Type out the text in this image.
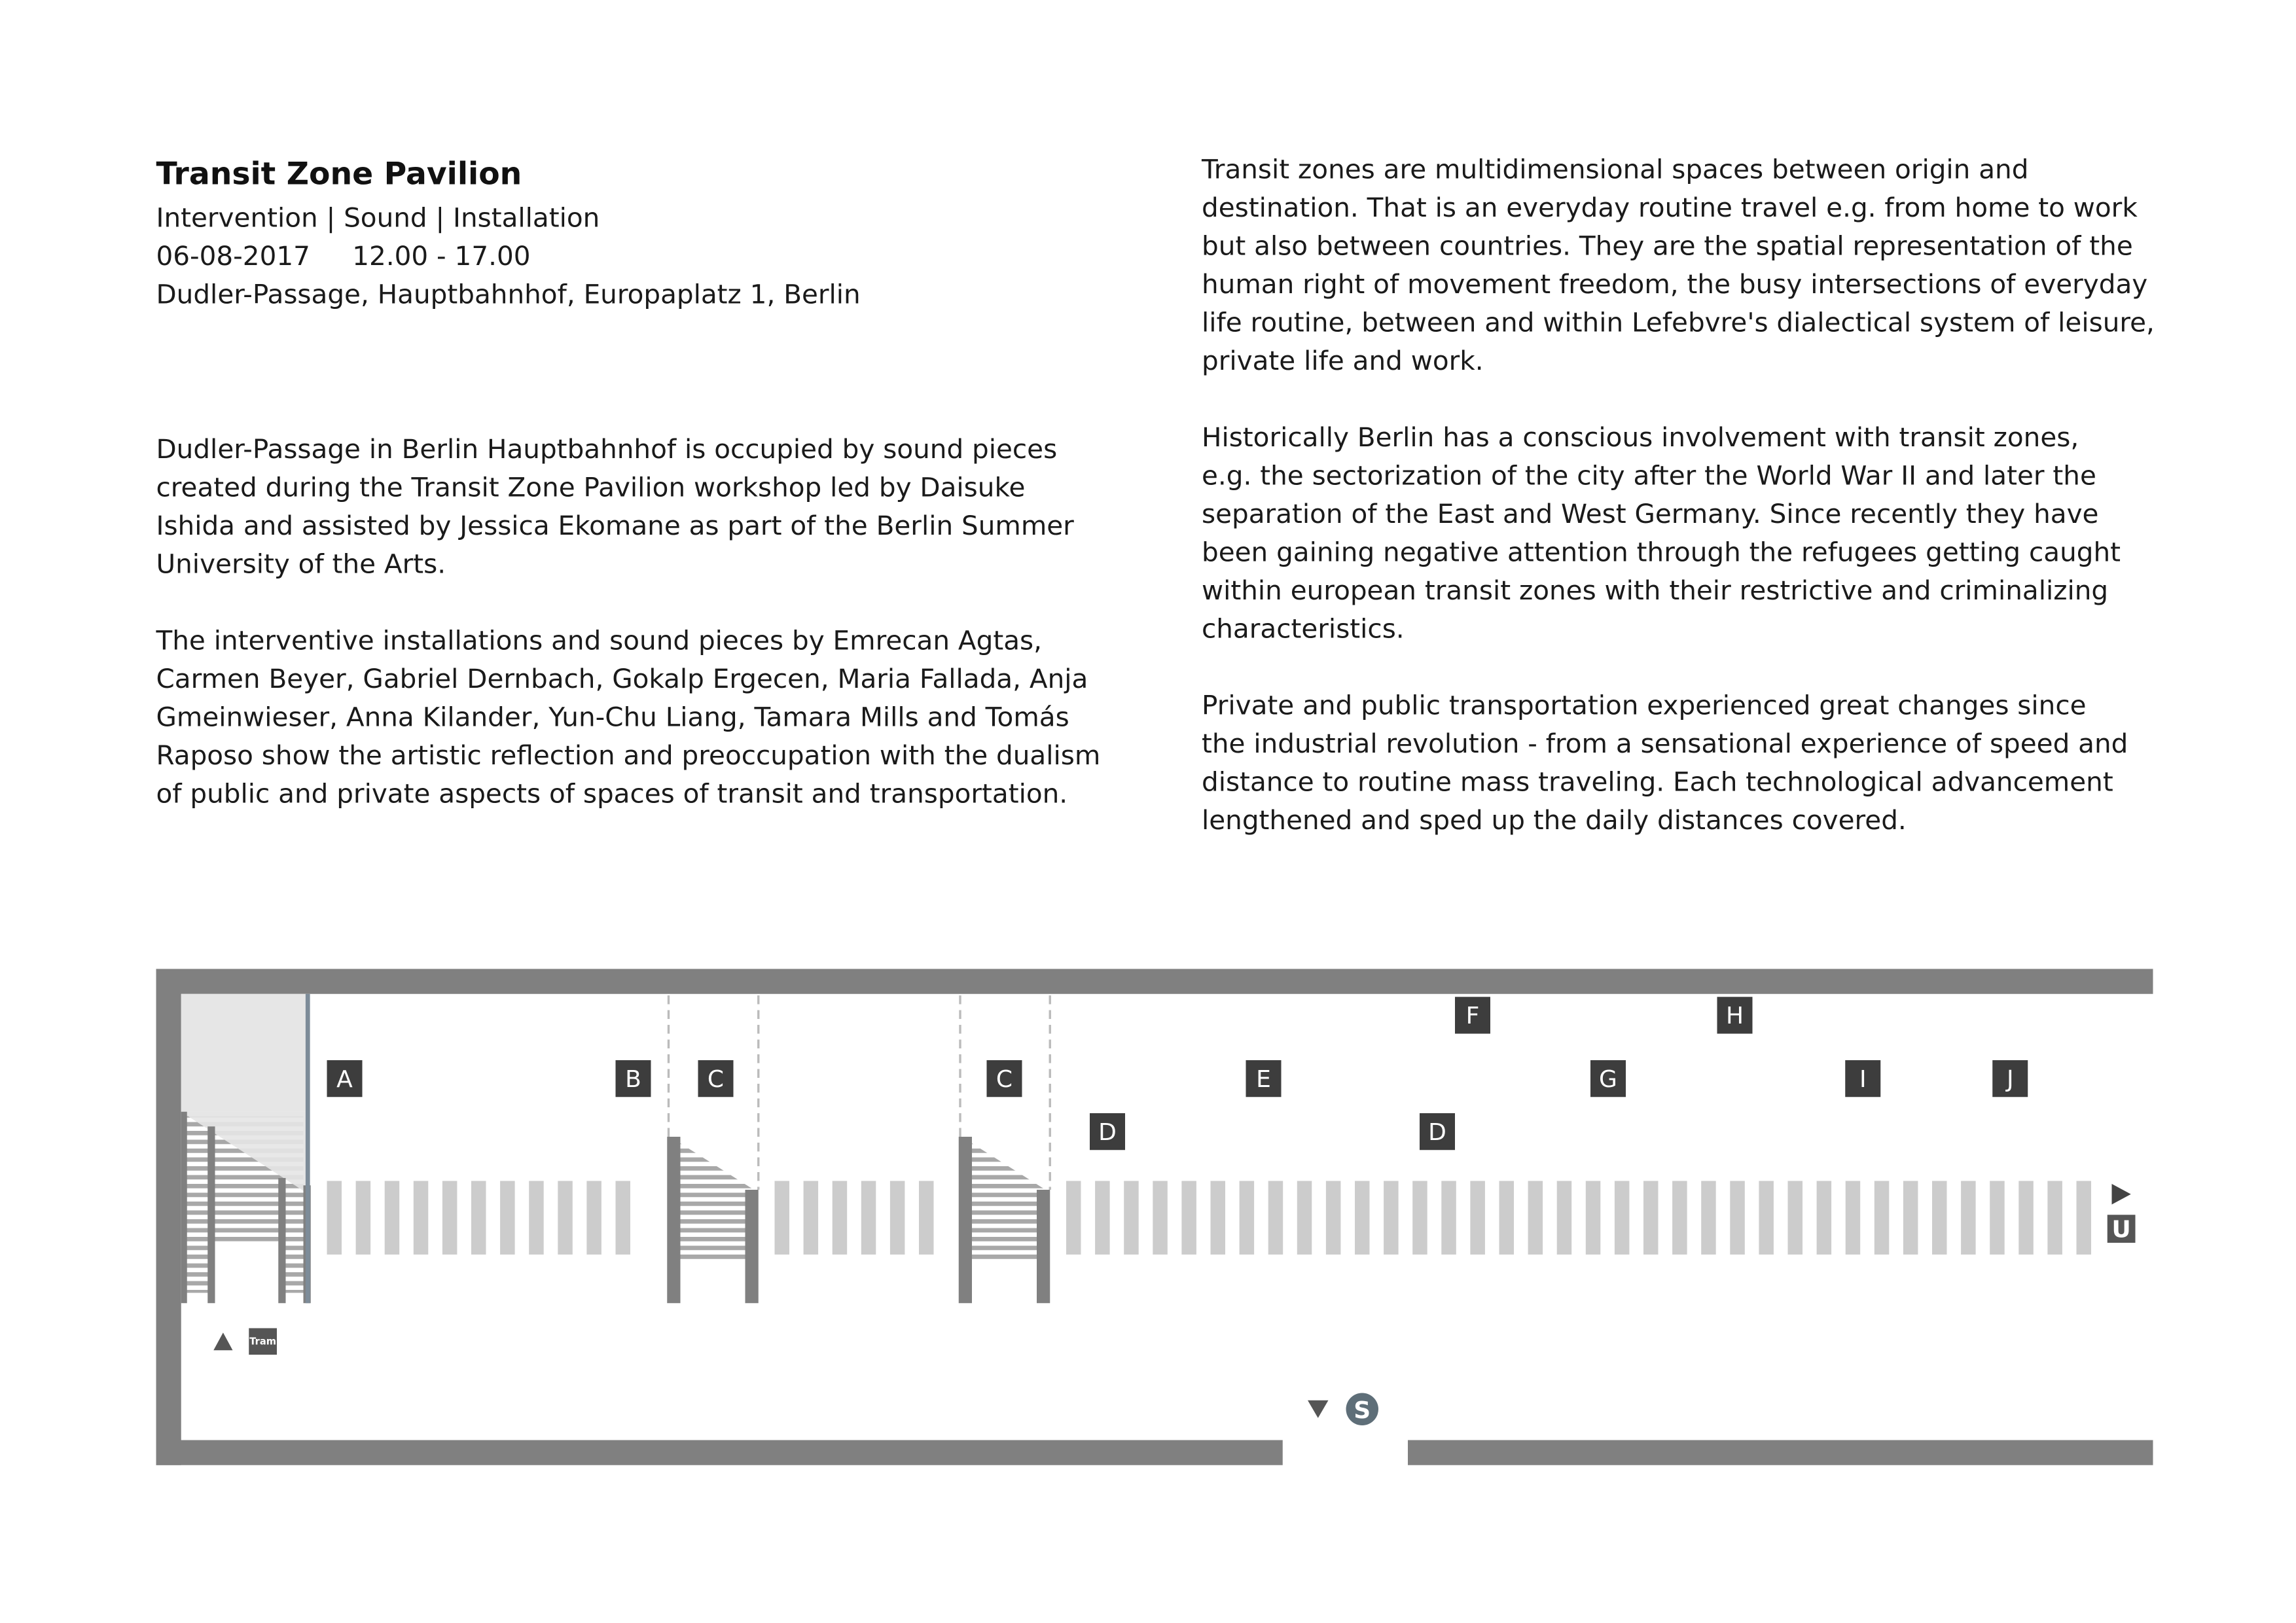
Transit Zone Pavilion
Intervention | Sound | Installation
06-08-2017	12.00 - 17.00
Dudler-Passage, Hauptbahnhof, Europaplatz 1, Berlin

Dudler-Passage in Berlin Hauptbahnhof is occupied by sound pieces
created during the Transit Zone Pavilion workshop led by Daisuke
Ishida and assisted by Jessica Ekomane as part of the Berlin Summer
University of the Arts.

The interventive installations and sound pieces by Emrecan Agtas,
Carmen Beyer, Gabriel Dernbach, Gokalp Ergecen, Maria Fallada, Anja
Gmeinwieser, Anna Kilander, Yun-Chu Liang, Tamara Mills and Tomás
Raposo show the artistic reflection and preoccupation with the dualism
of public and private aspects of spaces of transit and transportation.

Transit zones are multidimensional spaces between origin and
destination. That is an everyday routine travel e.g. from home to work
but also between countries. They are the spatial representation of the
human right of movement freedom, the busy intersections of everyday
life routine, between and within Lefebvre's dialectical system of leisure,
private life and work.

Historically Berlin has a conscious involvement with transit zones,
e.g. the sectorization of the city after the World War II and later the
separation of the East and West Germany. Since recently they have
been gaining negative attention through the refugees getting caught
within european transit zones with their restrictive and criminalizing
characteristics.

Private and public transportation experienced great changes since
the industrial revolution - from a sensational experience of speed and
distance to routine mass traveling. Each technological advancement
lengthened and sped up the daily distances covered.

A	B	C	C
D
E
D
F
G
H
I	J
Tram
U
S
